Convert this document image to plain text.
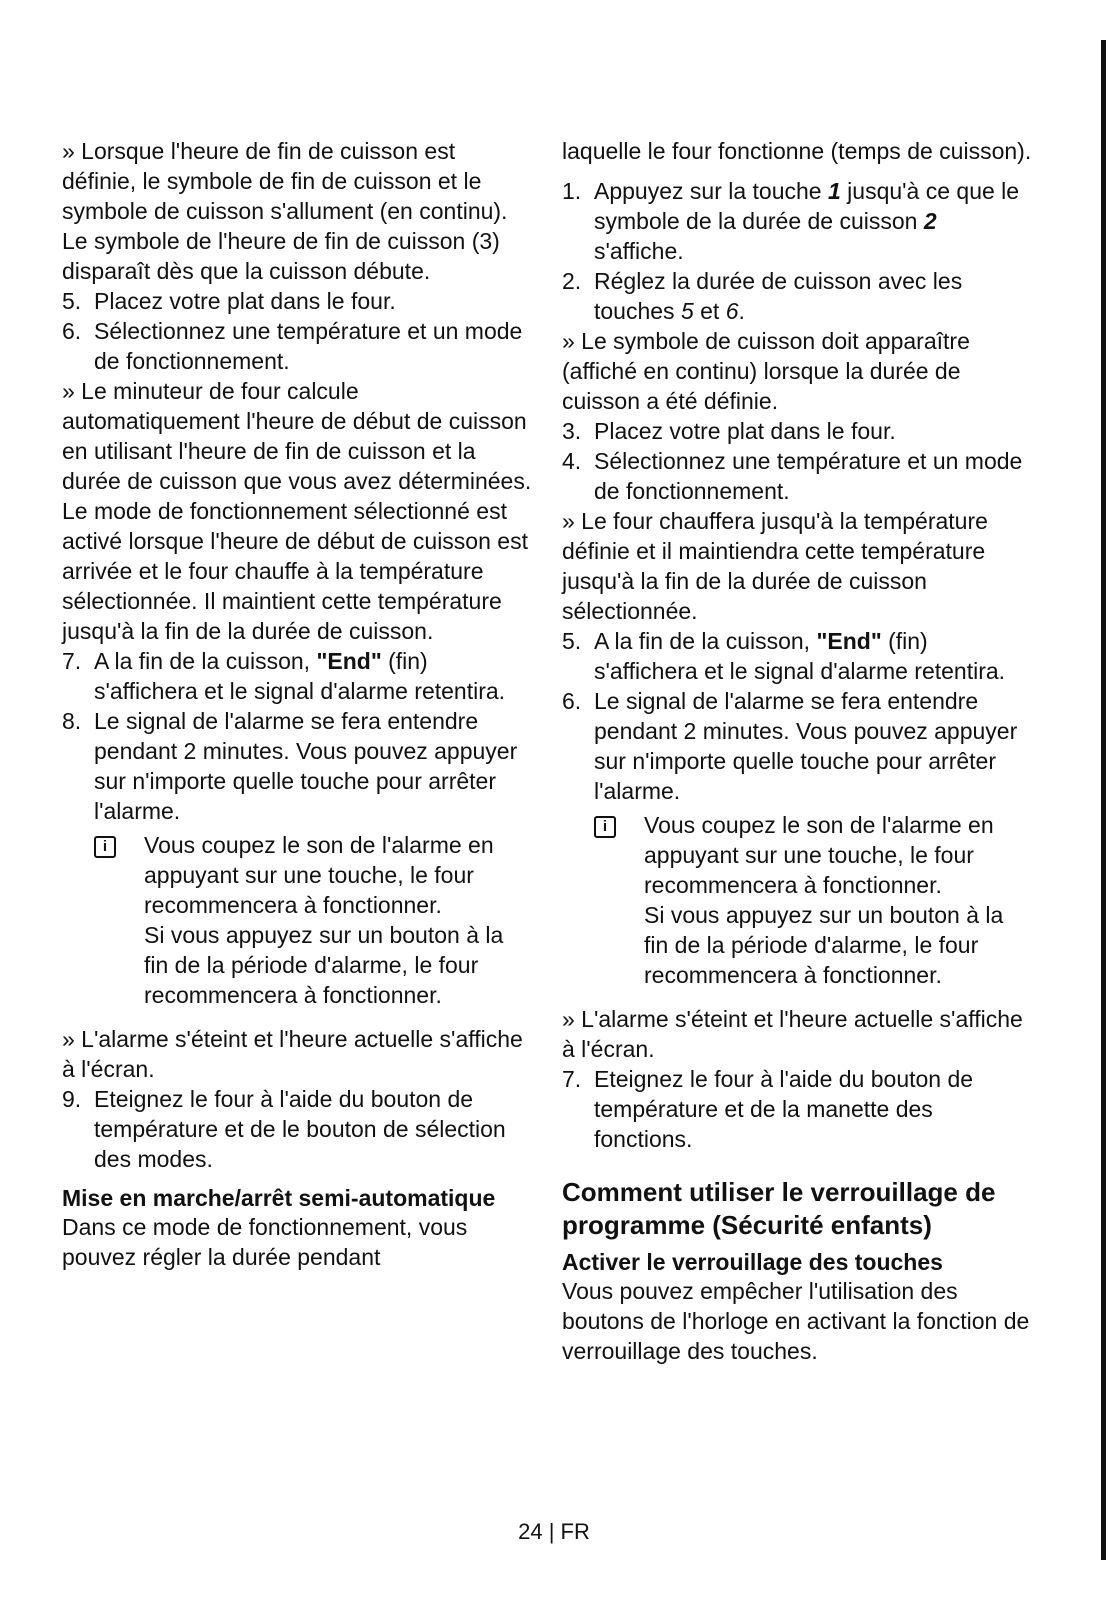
» Lorsque l'heure de fin de cuisson est définie, le symbole de fin de cuisson et le symbole de cuisson s'allument (en continu). Le symbole de l'heure de fin de cuisson (3) disparaît dès que la cuisson débute.

5. Placez votre plat dans le four.
6. Sélectionnez une température et un mode de fonctionnement.

» Le minuteur de four calcule automatiquement l'heure de début de cuisson en utilisant l'heure de fin de cuisson et la durée de cuisson que vous avez déterminées. Le mode de fonctionnement sélectionné est activé lorsque l'heure de début de cuisson est arrivée et le four chauffe à la température sélectionnée. Il maintient cette température jusqu'à la fin de la durée de cuisson.

7. A la fin de la cuisson, "End" (fin) s'affichera et le signal d'alarme retentira.
8. Le signal de l'alarme se fera entendre pendant 2 minutes. Vous pouvez appuyer sur n'importe quelle touche pour arrêter l'alarme.
i	Vous coupez le son de l'alarme en appuyant sur une touche, le four recommencera à fonctionner.

Si vous appuyez sur un bouton à la fin de la période d'alarme, le four recommencera à fonctionner.

» L'alarme s'éteint et l'heure actuelle s'affiche à l'écran.

9. Eteignez le four à l'aide du bouton de température et de le bouton de sélection des modes.
Mise en marche/arrêt semi-automatique

Dans ce mode de fonctionnement, vous pouvez régler la durée pendant

laquelle le four fonctionne (temps de cuisson).

1. Appuyez sur la touche 1 jusqu'à ce que le symbole de la durée de cuisson 2 s'affiche.
2. Réglez la durée de cuisson avec les touches 5 et 6.

» Le symbole de cuisson doit apparaître (affiché en continu) lorsque la durée de cuisson a été définie.

3. Placez votre plat dans le four.
4. Sélectionnez une température et un mode de fonctionnement.

» Le four chauffera jusqu'à la température définie et il maintiendra cette température jusqu'à la fin de la durée de cuisson sélectionnée.

5. A la fin de la cuisson, "End" (fin) s'affichera et le signal d'alarme retentira.
6. Le signal de l'alarme se fera entendre pendant 2 minutes. Vous pouvez appuyer sur n'importe quelle touche pour arrêter l'alarme.
i	Vous coupez le son de l'alarme en appuyant sur une touche, le four recommencera à fonctionner.

Si vous appuyez sur un bouton à la fin de la période d'alarme, le four recommencera à fonctionner.

» L'alarme s'éteint et l'heure actuelle s'affiche à l'écran.

7. Eteignez le four à l'aide du bouton de température et de la manette des fonctions.
Comment utiliser le verrouillage de programme (Sécurité enfants)
Activer le verrouillage des touches

Vous pouvez empêcher l'utilisation des boutons de l'horloge en activant la fonction de verrouillage des touches.

24 | FR
